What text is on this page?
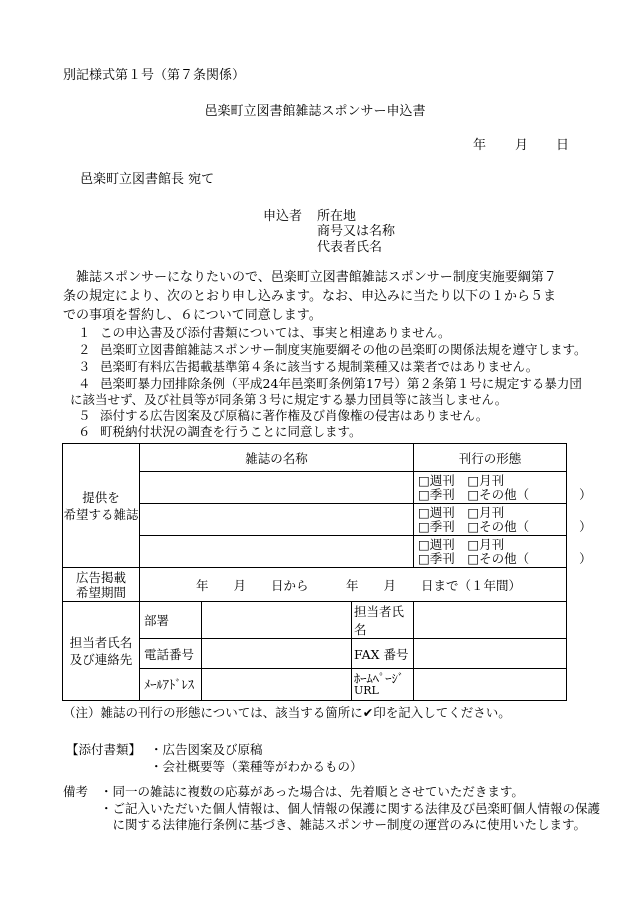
別記様式第１号（第７条関係）
邑楽町立図書館雑誌スポンサー申込書
年 月 日
邑楽町立図書館長 宛て
申込者 所在地
商号又は名称
代表者氏名
雑誌スポンサーになりたいので、邑楽町立図書館雑誌スポンサー制度実施要綱第７
条の規定により、次のとおり申し込みます。なお、申込みに当たり以下の１から５ま
での事項を誓約し、６について同意します。
１ この申込書及び添付書類については、事実と相違ありません。
２ 邑楽町立図書館雑誌スポンサー制度実施要綱その他の邑楽町の関係法規を遵守します。
３ 邑楽町有料広告掲載基準第４条に該当する規制業種又は業者ではありません。
４ 邑楽町暴力団排除条例（平成24年邑楽町条例第17号）第２条第１号に規定する暴力団
に該当せず、及び社員等が同条第３号に規定する暴力団員等に該当しません。
５ 添付する広告図案及び原稿に著作権及び肖像権の侵害はありません。
６ 町税納付状況の調査を行うことに同意します。
提供を
希望する雑誌	雑誌の名称			刊行の形態

				□週刊　 □月刊
□季刊　 □その他（　　　　）

				□週刊　 □月刊
□季刊　 □その他（　　　　）

				□週刊　 □月刊
□季刊　 □その他（　　　　）

広告掲載
希望期間	年　　月　　日から　　　年　　月　　日まで（１年間）			

担当者氏名
及び連絡先	部署		担当者氏名	
	電話番号		FAX 番号	
	ﾒｰﾙｱﾄﾞﾚｽ		ﾎｰﾑﾍﾟｰｼﾞ
URL	

（注）雑誌の刊行の形態については、該当する箇所に✔印を記入してください。
【添付書類】 ・広告図案及び原稿
・会社概要等（業種等がわかるもの）
備考 ・同一の雑誌に複数の応募があった場合は、先着順とさせていただきます。
・ご記入いただいた個人情報は、個人情報の保護に関する法律及び邑楽町個人情報の保護
　に関する法律施行条例に基づき、雑誌スポンサー制度の運営のみに使用いたします。
